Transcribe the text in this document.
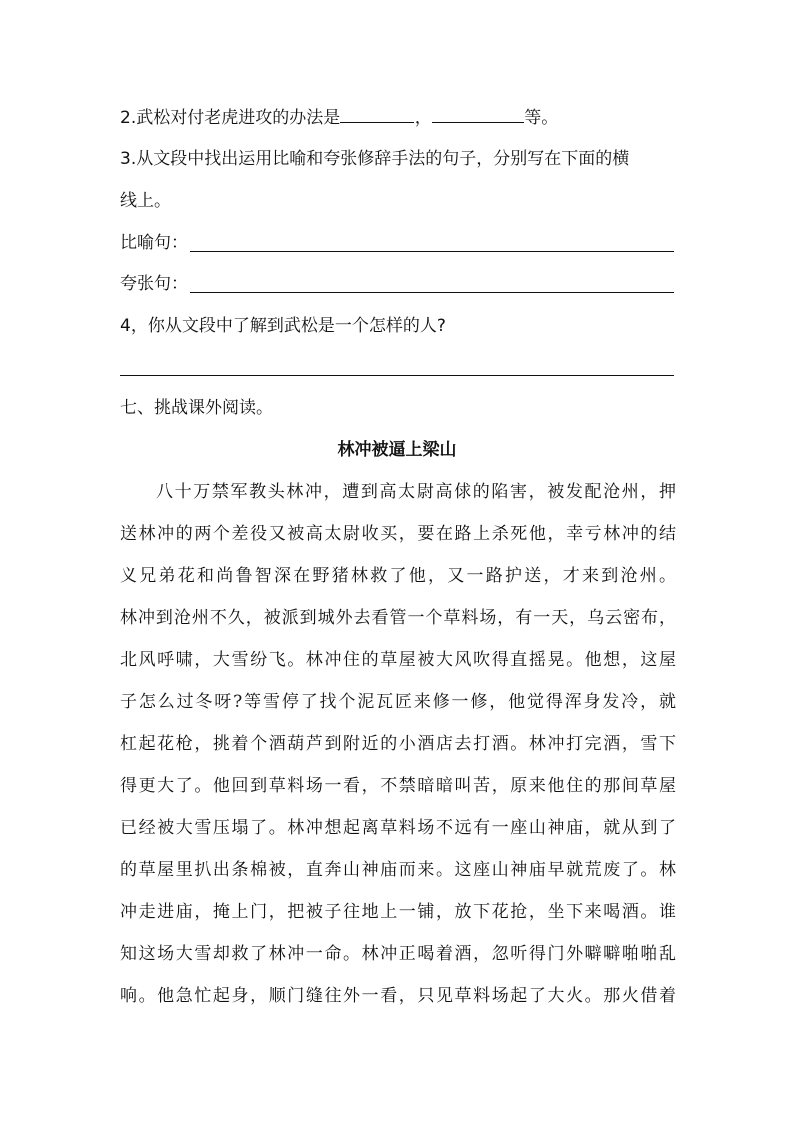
2.武松对付老虎进攻的办法是	，	等。
3.从文段中找出运用比喻和夸张修辞手法的句子，分别写在下面的横
线上。
比喻句：
夸张句：
4，你从文段中了解到武松是一个怎样的人?
七、挑战课外阅读。
林冲被逼上梁山
八十万禁军教头林冲，遭到高太尉高俅的陷害，被发配沧州，押
送林冲的两个差役又被高太尉收买，要在路上杀死他，幸亏林冲的结
义兄弟花和尚鲁智深在野猪林救了他，又一路护送，才来到沧州。
林冲到沧州不久，被派到城外去看管一个草料场，有一天，乌云密布，
北风呼啸，大雪纷飞。林冲住的草屋被大风吹得直摇晃。他想，这屋
子怎么过冬呀?等雪停了找个泥瓦匠来修一修，他觉得浑身发冷，就
杠起花枪，挑着个酒葫芦到附近的小酒店去打酒。林冲打完酒，雪下
得更大了。他回到草料场一看，不禁暗暗叫苦，原来他住的那间草屋
已经被大雪压塌了。林冲想起离草料场不远有一座山神庙，就从到了
的草屋里扒出条棉被，直奔山神庙而来。这座山神庙早就荒废了。林
冲走进庙，掩上门，把被子往地上一铺，放下花抢，坐下来喝酒。谁
知这场大雪却救了林冲一命。林冲正喝着酒，忽听得门外噼噼啪啪乱
响。他急忙起身，顺门缝往外一看，只见草料场起了大火。那火借着
